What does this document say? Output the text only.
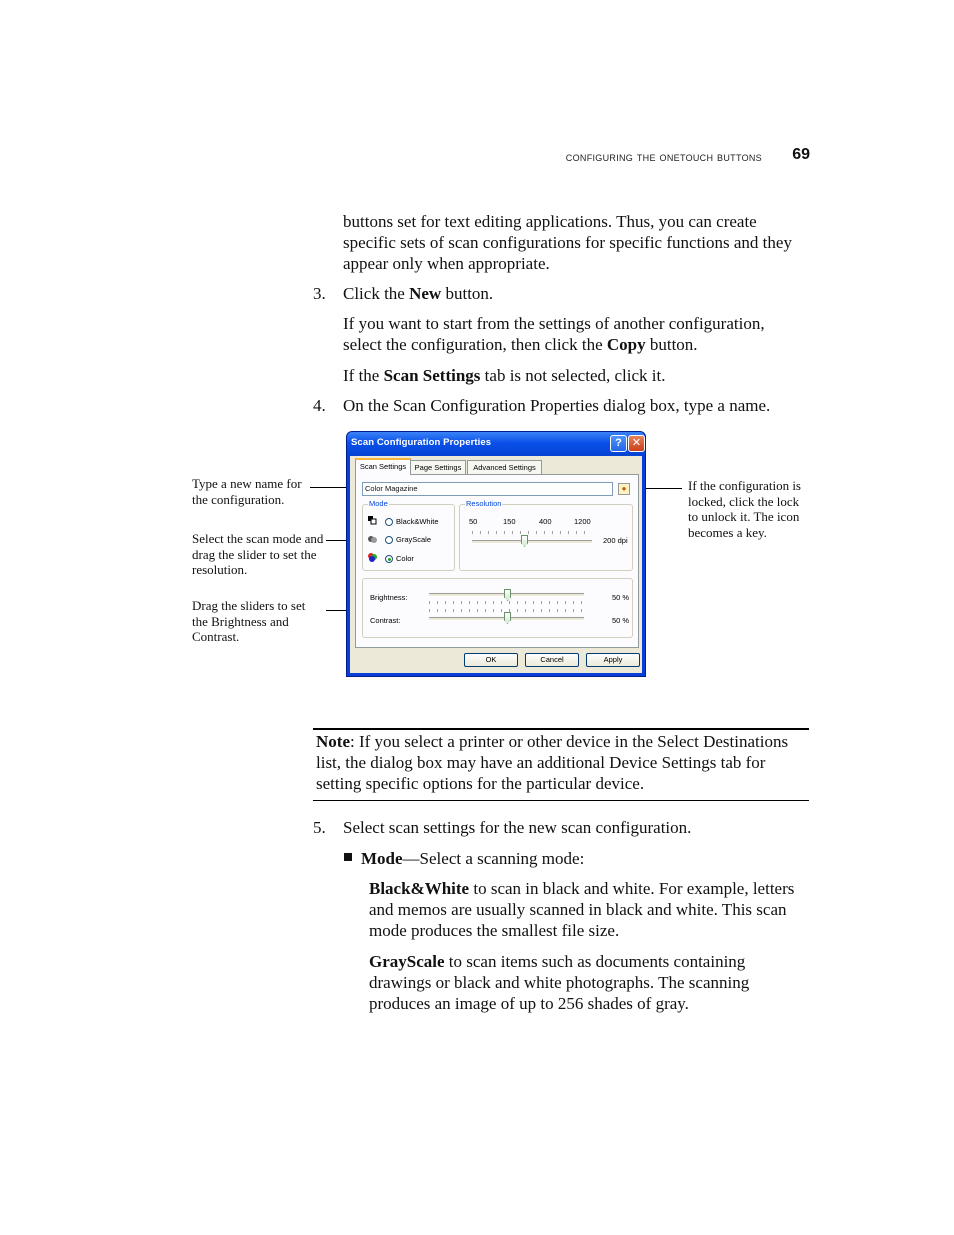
configuring the onetouch buttons	69
buttons set for text editing applications. Thus, you can create specific sets of scan configurations for specific functions and they appear only when appropriate.
3. Click the New button.
If you want to start from the settings of another configuration, select the configuration, then click the Copy button.
If the Scan Settings tab is not selected, click it.
4. On the Scan Configuration Properties dialog box, type a name.
Type a new name for the configuration.
Select the scan mode and drag the slider to set the resolution.
Drag the sliders to set the Brightness and Contrast.
If the configuration is locked, click the lock to unlock it. The icon becomes a key.
Scan Configuration Properties	? ✕
Page Settings	Advanced Settings
Scan Settings
Color Magazine	●
Mode
Black&White
GrayScale
Color
Resolution
50	150	400	1200
200 dpi
Brightness:	50 %
Contrast:	50 %
OK	Cancel	Apply
Note: If you select a printer or other device in the Select Destinations list, the dialog box may have an additional Device Settings tab for setting specific options for the particular device.
5. Select scan settings for the new scan configuration.
Mode—Select a scanning mode:
Black&White to scan in black and white. For example, letters and memos are usually scanned in black and white. This scan mode produces the smallest file size.
GrayScale to scan items such as documents containing drawings or black and white photographs. The scanning produces an image of up to 256 shades of gray.
